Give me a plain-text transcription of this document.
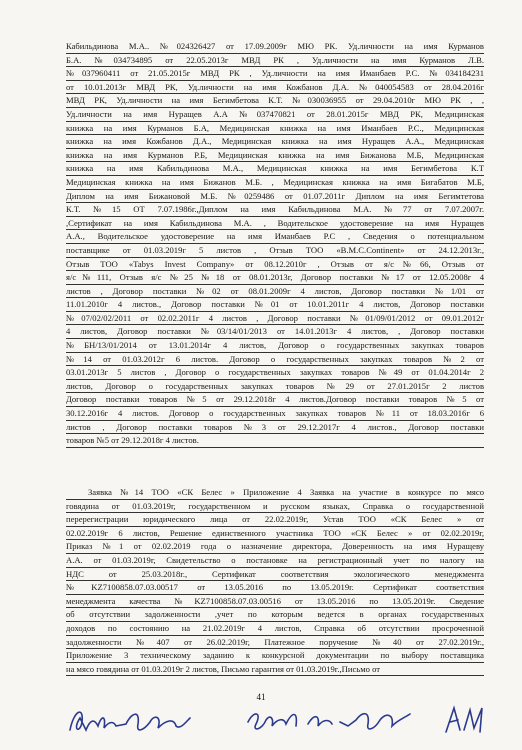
Кабильдинова М.А.. №024326427 от 17.09.2009г МЮ РК. Уд.личности на имя Курманов
Б.А. №034734895 от 22.05.2013г МВД РК , Уд.личности на имя Курманов Л.В.
№037960411 от 21.05.2015г МВД РК , Уд.личности на имя Иманбаев Р.С. №034184231
от 10.01.2013г МВД РК, Уд.личности на имя Кожбанов Д.А. №040054583 от 28.04.2016г
МВД РК, Уд.личности на имя Бегимбетова К.Т. №030036955 от 29.04.2010г МЮ РК , ,
Уд.личности на имя Нуращев А.А №037470821 от 28.01.2015г МВД РК, Медицинская
книжка на имя Курманов Б.А, Медицинская книжка на имя Иманбаев Р.С., Медицинская
книжка на имя Кожбанов Д.А., Медицинская книжка на имя Нуращев А.А., Медицинская
книжка на имя Курманов Р.Б, Медицинская книжка на имя Бижанова М.Б, Медицинская
книжка на имя Кабильдинова М.А., Медицинская книжка на имя Бегимбетова К.Т
Медицинская книжка на имя Бижанов М.Б. , Медицинская книжка на имя Бигабатов М.Б,
Диплом на имя Бижановой М.Б. №0259486 от 01.07.2011г Диплом на имя Бегимтетова
К.Т. №15 ОТ 7.07.1986г.,Диплом на имя Кабильдинова М.А. №77 от 7.07.2007г.
,Сертификат на имя Кабильдинова М.А. , Водительское удостоверение на имя Нуращев
А.А., Водительское удостоверение на имя Иманбаев Р.С , Сведения о потенциальном
поставщике от 01.03.2019г 5 листов , Отзыв ТОО «B.M.C.Continent» от 24.12.2013г.,
Отзыв ТОО «Tabys Invest Company» от 08.12.2010г , Отзыв от я/с№66, Отзыв от
я/с№111, Отзыв я/с №25 №18 от 08.01.2013г, Договор поставки №17 от 12.05.2008г 4
листов , Договор поставки №02 от 08.01.2009г 4 листов, Договор поставки №1/01 от
11.01.2010г 4 листов., Договор поставки №01 от 10.01.2011г 4 листов, Договор поставки
№07/02/02/2011 от 02.02.2011г 4 листов , Договор поставки №01/09/01/2012 от 09.01.2012г
4 листов, Договор поставки №03/14/01/2013 от 14.01.2013г 4 листов, , Договор поставки
№БН/13/01/2014 от 13.01.2014г 4 листов, Договор о государственных закупках товаров
№14 от 01.03.2012г 6 листов. Договор о государственных закупках товаров №2 от
03.01.2013г 5 листов , Договор о государственных закупках товаров №49 от 01.04.2014г 2
листов, Договор о государственных закупках товаров №29 от 27.01.2015г 2 листов
Договор поставки товаров №5 от 29.12.2018г 4 листов.Договор поставки товаров №5 от
30.12.2016г 4 листов. Договор о государственных закупках товаров №11 от 18.03.2016г 6
листов , Договор поставки товаров №3 от 29.12.2017г 4 листов., Договор поставки
товаров №5 от 29.12.2018г 4 листов.
Заявка №14 ТОО «СК Белес » Приложение 4 Заявка на участие в конкурсе по мясо
говядина от 01.03.2019г, государственном и русском языках, Справка о государственной
перерегистрации юридического лица от 22.02.2019г, Устав ТОО «СК Белес » от
02.02.2019г 6 листов, Решение единственного участника ТОО «СК Белес » от 02.02.2019г,
Приказ №1 от 02.02.2019 года о назначение директора, Доверенность на имя Нуращеву
А.А. от 01.03.2019г, Свидетельство о постановке на регистрационный учет по налогу на
НДС от 25.03.2018г., Сертификат соответствия экологического менеджмента
№KZ7100858.07.03.00517 от 13.05.2016 по 13.05.2019г. Сертификат соответствия
менеджмента качества №KZ7100858.07.03.00516 от 13.05.2016 по 13.05.2019г. Сведение
об отсутствии задолженности ,учет по которым ведется в органах государственных
доходов по состоянию на 21.02.2019г 4 листов, Справка об отсутствии просроченной
задолженности №407 от 26.02.2019г, Платежное поручение №40 от 27.02.2019г.,
Приложение 3 техническому заданию к конкурсной документации по выбору поставщика
на мясо говядина от 01.03.2019г 2 листов, Письмо гарантия от 01.03.2019г.,Письмо от
41
